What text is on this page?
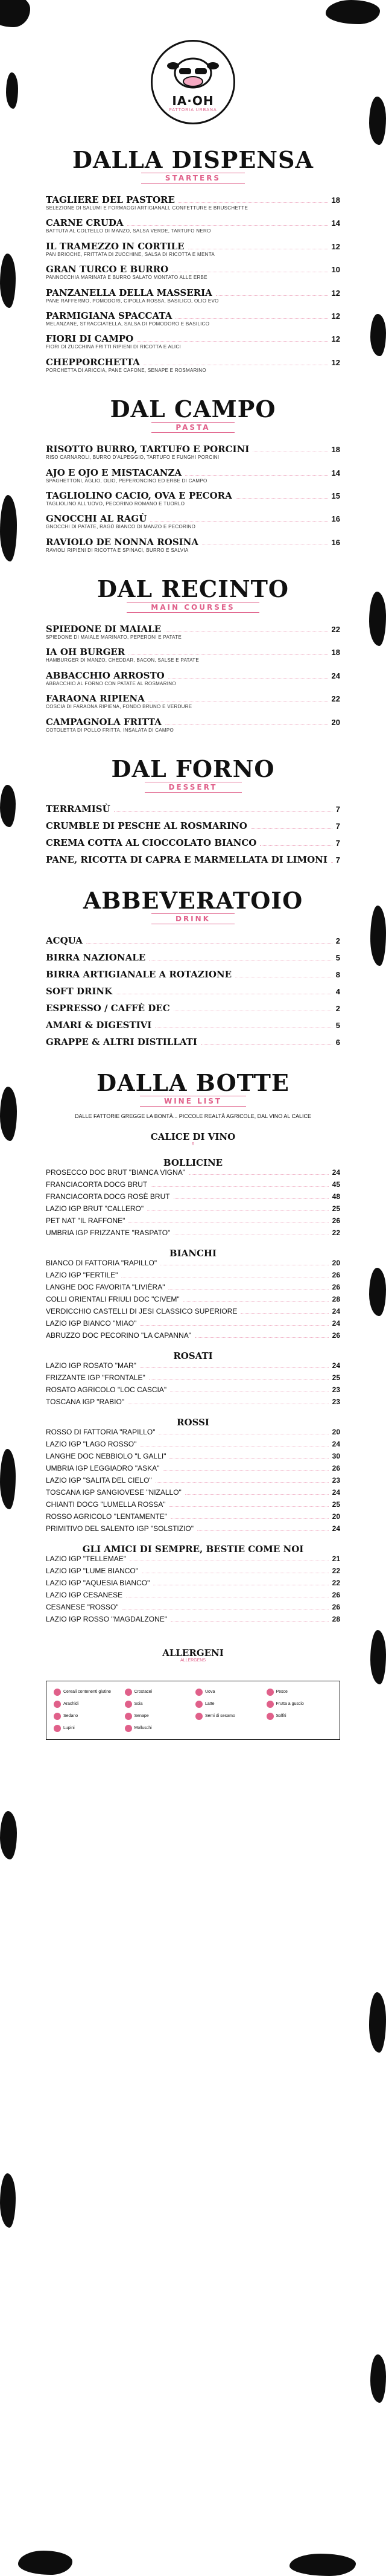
IA·OH
FATTORIA URBANA
DALLA DISPENSA
STARTERS
TAGLIERE DEL PASTORE	18
SELEZIONE DI SALUMI E FORMAGGI ARTIGIANALI, CONFETTURE E BRUSCHETTE
CARNE CRUDA	14
BATTUTA AL COLTELLO DI MANZO, SALSA VERDE, TARTUFO NERO
IL TRAMEZZO IN CORTILE	12
PAN BRIOCHE, FRITTATA DI ZUCCHINE, SALSA DI RICOTTA E MENTA
GRAN TURCO E BURRO	10
PANNOCCHIA MARINATA E BURRO SALATO MONTATO ALLE ERBE
PANZANELLA DELLA MASSERIA	12
PANE RAFFERMO, POMODORI, CIPOLLA ROSSA, BASILICO, OLIO EVO
PARMIGIANA SPACCATA	12
MELANZANE, STRACCIATELLA, SALSA DI POMODORO E BASILICO
FIORI DI CAMPO	12
FIORI DI ZUCCHINA FRITTI RIPIENI DI RICOTTA E ALICI
CHEPPORCHETTA	12
PORCHETTA DI ARICCIA, PANE CAFONE, SENAPE E ROSMARINO
DAL CAMPO
PASTA
RISOTTO BURRO, TARTUFO E PORCINI	18
RISO CARNAROLI, BURRO D'ALPEGGIO, TARTUFO E FUNGHI PORCINI
AJO E OJO E MISTACANZA	14
SPAGHETTONI, AGLIO, OLIO, PEPERONCINO ED ERBE DI CAMPO
TAGLIOLINO CACIO, OVA E PECORA	15
TAGLIOLINO ALL'UOVO, PECORINO ROMANO E TUORLO
GNOCCHI AL RAGÙ	16
GNOCCHI DI PATATE, RAGÙ BIANCO DI MANZO E PECORINO
RAVIOLO DE NONNA ROSINA	16
RAVIOLI RIPIENI DI RICOTTA E SPINACI, BURRO E SALVIA
DAL RECINTO
MAIN COURSES
SPIEDONE DI MAIALE	22
SPIEDONE DI MAIALE MARINATO, PEPERONI E PATATE
IA OH BURGER	18
HAMBURGER DI MANZO, CHEDDAR, BACON, SALSE E PATATE
ABBACCHIO ARROSTO	24
ABBACCHIO AL FORNO CON PATATE AL ROSMARINO
FARAONA RIPIENA	22
COSCIA DI FARAONA RIPIENA, FONDO BRUNO E VERDURE
CAMPAGNOLA FRITTA	20
COTOLETTA DI POLLO FRITTA, INSALATA DI CAMPO
DAL FORNO
DESSERT
TERRAMISÙ	7
CRUMBLE DI PESCHE AL ROSMARINO	7
CREMA COTTA AL CIOCCOLATO BIANCO	7
PANE, RICOTTA DI CAPRA E MARMELLATA DI LIMONI 7
ABBEVERATOIO
DRINK
ACQUA	2
BIRRA NAZIONALE	5
BIRRA ARTIGIANALE A ROTAZIONE	8
SOFT DRINK	4
ESPRESSO / CAFFÈ DEC	2
AMARI & DIGESTIVI	5
GRAPPE & ALTRI DISTILLATI	6
DALLA BOTTE
WINE LIST
DALLE FATTORIE GREGGE LA BONTÀ... PICCOLE REALTÀ AGRICOLE, DAL VINO AL CALICE
CALICE DI VINO
6
BOLLICINE
PROSECCO DOC BRUT "BIANCA VIGNA"	24
FRANCIACORTA DOCG BRUT	45
FRANCIACORTA DOCG ROSÈ BRUT	48
LAZIO IGP BRUT "CALLERO"	25
PET NAT "IL RAFFONE"	26
UMBRIA IGP FRIZZANTE "RASPATO"	22
BIANCHI
BIANCO DI FATTORIA "RAPILLO"	20
LAZIO IGP "FERTILE"	26
LANGHE DOC FAVORITA "LIVIÈRA"	26
COLLI ORIENTALI FRIULI DOC "CIVEM"	28
VERDICCHIO CASTELLI DI JESI CLASSICO SUPERIORE	24
LAZIO IGP BIANCO "MIAO"	24
ABRUZZO DOC PECORINO "LA CAPANNA"	26
ROSATI
LAZIO IGP ROSATO "MAR"	24
FRIZZANTE IGP "FRONTALE"	25
ROSATO AGRICOLO "LOC CASCIA"	23
TOSCANA IGP "RABIO"	23
ROSSI
ROSSO DI FATTORIA "RAPILLO"	20
LAZIO IGP "LAGO ROSSO"	24
LANGHE DOC NEBBIOLO "L GALLI"	30
UMBRIA IGP LEGGIADRO "ASKA"	26
LAZIO IGP "SALITA DEL CIELO"	23
TOSCANA IGP SANGIOVESE "NIZALLO"	24
CHIANTI DOCG "LUMELLA ROSSA"	25
ROSSO AGRICOLO "LENTAMENTE"	20
PRIMITIVO DEL SALENTO IGP "SOLSTIZIO"	24
GLI AMICI DI SEMPRE, BESTIE COME NOI
LAZIO IGP "TELLEMAE"	21
LAZIO IGP "LUME BIANCO"	22
LAZIO IGP "AQUESIA BIANCO"	22
LAZIO IGP CESANESE	26
CESANESE "ROSSO"	26
LAZIO IGP ROSSO "MAGDALZONE"	28
ALLERGENI
ALLERGENS
Cereali contenenti glutine	Crostacei	Uova	Pesce
Arachidi	Soia	Latte	Frutta a guscio
Sedano	Senape	Semi di sesamo	Solfiti
Lupini	Molluschi
